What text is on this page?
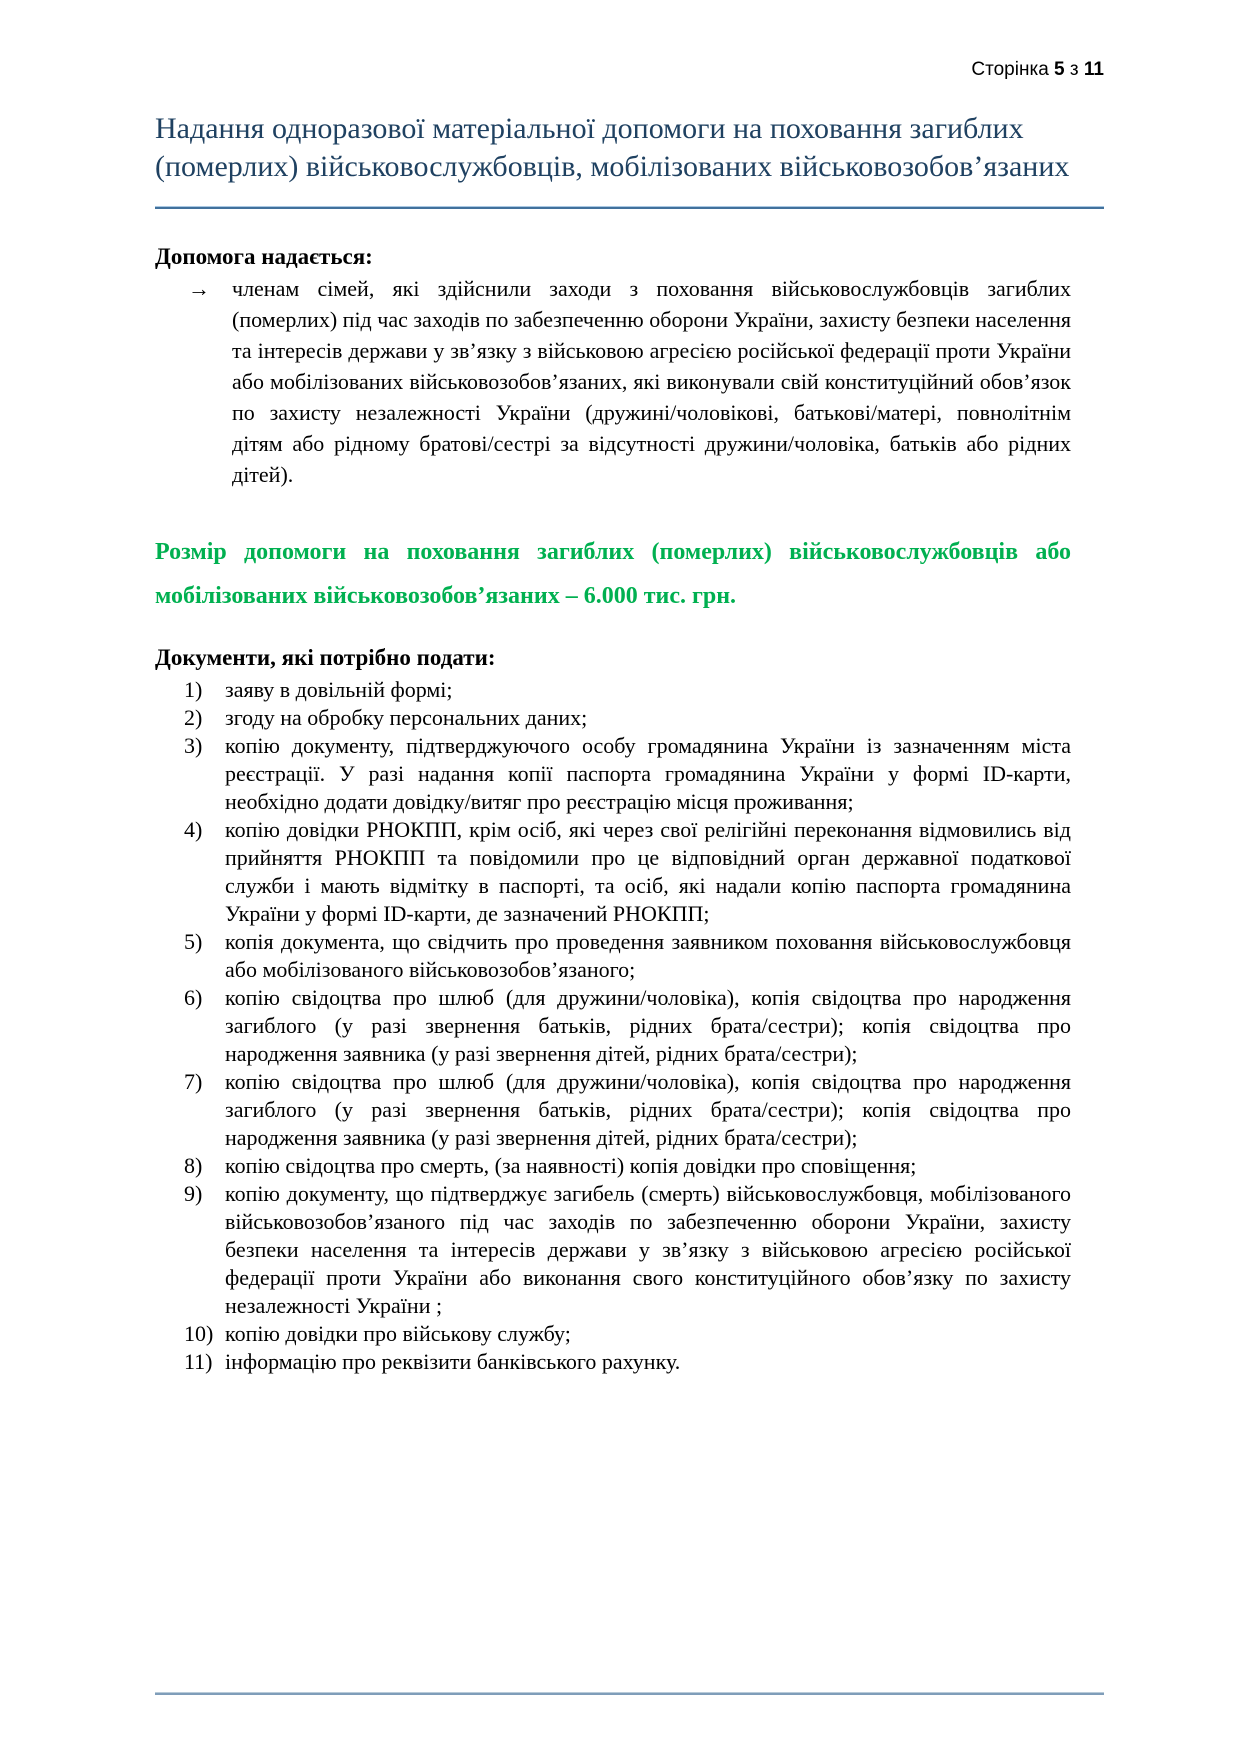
Сторінка 5 з 11
Надання одноразової матеріальної допомоги на поховання загиблих (померлих) військовослужбовців, мобілізованих військовозобов’язаних
Допомога надається:
→ членам сімей, які здійснили заходи з поховання військовослужбовців загиблих (померлих) під час заходів по забезпеченню оборони України, захисту безпеки населення та інтересів держави у зв’язку з військовою агресією російської федерації проти України або мобілізованих військовозобов’язаних, які виконували свій конституційний обов’язок по захисту незалежності України (дружині/чоловікові, батькові/матері, повнолітнім дітям або рідному братові/сестрі за відсутності дружини/чоловіка, батьків або рідних дітей).

Розмір допомоги на поховання загиблих (померлих) військовослужбовців або мобілізованих військовозобов’язаних – 6.000 тис. грн.

Документи, які потрібно подати:
1) заяву в довільній формі;
2) згоду на обробку персональних даних;
3) копію документу, підтверджуючого особу громадянина України із зазначенням міста реєстрації. У разі надання копії паспорта громадянина України у формі ID-карти, необхідно додати довідку/витяг про реєстрацію місця проживання;
4) копію довідки РНОКПП, крім осіб, які через свої релігійні переконання відмовились від прийняття РНОКПП та повідомили про це відповідний орган державної податкової служби і мають відмітку в паспорті, та осіб, які надали копію паспорта громадянина України у формі ID-карти, де зазначений РНОКПП;
5) копія документа, що свідчить про проведення заявником поховання військовослужбовця або мобілізованого військовозобов’язаного;
6) копію свідоцтва про шлюб (для дружини/чоловіка), копія свідоцтва про народження загиблого (у разі звернення батьків, рідних брата/сестри); копія свідоцтва про народження заявника (у разі звернення дітей, рідних брата/сестри);
7) копію свідоцтва про шлюб (для дружини/чоловіка), копія свідоцтва про народження загиблого (у разі звернення батьків, рідних брата/сестри); копія свідоцтва про народження заявника (у разі звернення дітей, рідних брата/сестри);
8) копію свідоцтва про смерть, (за наявності) копія довідки про сповіщення;
9) копію документу, що підтверджує загибель (смерть) військовослужбовця, мобілізованого військовозобов’язаного під час заходів по забезпеченню оборони України, захисту безпеки населення та інтересів держави у зв’язку з військовою агресією російської федерації проти України або виконання свого конституційного обов’язку по захисту незалежності України ;
10) копію довідки про військову службу;
11) інформацію про реквізити банківського рахунку.
